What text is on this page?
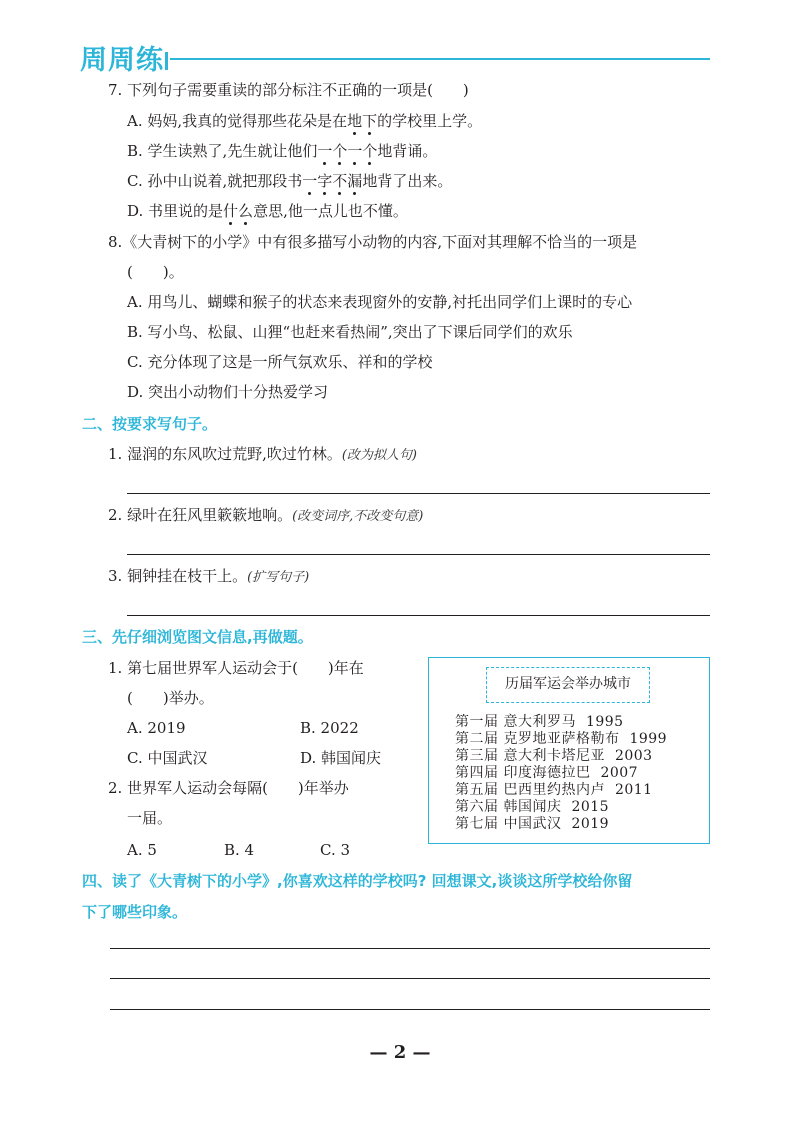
周周练
7. 下列句子需要重读的部分标注不正确的一项是(　　)
A. 妈妈,我真的觉得那些花朵是在地下的学校里上学。
B. 学生读熟了,先生就让他们一个一个地背诵。
C. 孙中山说着,就把那段书一字不漏地背了出来。
D. 书里说的是什么意思,他一点儿也不懂。
8.《大青树下的小学》中有很多描写小动物的内容,下面对其理解不恰当的一项是
(　　)。
A. 用鸟儿、蝴蝶和猴子的状态来表现窗外的安静,衬托出同学们上课时的专心
B. 写小鸟、松鼠、山狸“也赶来看热闹”,突出了下课后同学们的欢乐
C. 充分体现了这是一所气氛欢乐、祥和的学校
D. 突出小动物们十分热爱学习
二、按要求写句子。
1. 湿润的东风吹过荒野,吹过竹林。(改为拟人句)
2. 绿叶在狂风里簌簌地响。(改变词序,不改变句意)
3. 铜钟挂在枝干上。(扩写句子)
三、先仔细浏览图文信息,再做题。
1. 第七届世界军人运动会于(　　)年在
(　　)举办。
A. 2019	B. 2022
C. 中国武汉	D. 韩国闻庆
2. 世界军人运动会每隔(　　)年举办
一届。
A. 5	B. 4	C. 3
历届军运会举办城市
第一届 意大利罗马 1995
第二届 克罗地亚萨格勒布 1999
第三届 意大利卡塔尼亚 2003
第四届 印度海德拉巴 2007
第五届 巴西里约热内卢 2011
第六届 韩国闻庆 2015
第七届 中国武汉 2019
四、读了《大青树下的小学》,你喜欢这样的学校吗? 回想课文,谈谈这所学校给你留
下了哪些印象。
— 2 —
